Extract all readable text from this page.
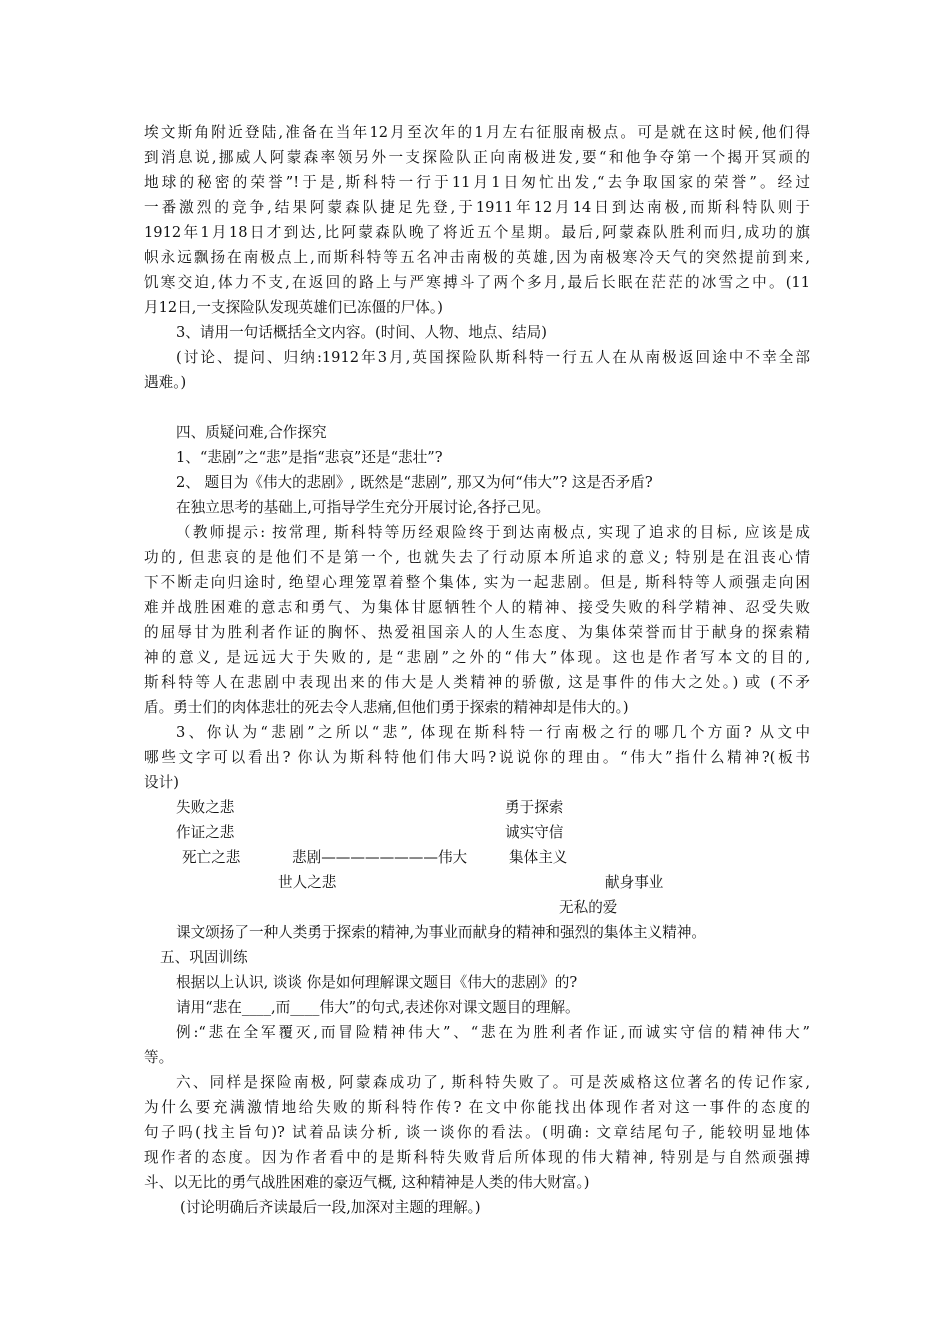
埃文斯角附近登陆,准备在当年12月至次年的1月左右征服南极点。可是就在这时候,他们得
到消息说,挪威人阿蒙森率领另外一支探险队正向南极进发,要“和他争夺第一个揭开冥顽的
地球的秘密的荣誉”!于是,斯科特一行于11月1日匆忙出发,“去争取国家的荣誉”。经过
一番激烈的竞争,结果阿蒙森队捷足先登,于1911年12月14日到达南极,而斯科特队则于
1912年1月18日才到达,比阿蒙森队晚了将近五个星期。最后,阿蒙森队胜利而归,成功的旗
帜永远飘扬在南极点上,而斯科特等五名冲击南极的英雄,因为南极寒冷天气的突然提前到来,
饥寒交迫,体力不支,在返回的路上与严寒搏斗了两个多月,最后长眠在茫茫的冰雪之中。(11
月12日,一支探险队发现英雄们已冻僵的尸体。)
3、请用一句话概括全文内容。(时间、人物、地点、结局)
(讨论、提问、归纳:1912年3月,英国探险队斯科特一行五人在从南极返回途中不幸全部
遇难。)
四、质疑问难,合作探究
1、“悲剧”之“悲”是指“悲哀”还是“悲壮”?
2、 题目为《伟大的悲剧》, 既然是“悲剧”, 那又为何“伟大”? 这是否矛盾?
在独立思考的基础上,可指导学生充分开展讨论,各抒己见。
（教师提示: 按常理, 斯科特等历经艰险终于到达南极点, 实现了追求的目标, 应该是成
功的, 但悲哀的是他们不是第一个, 也就失去了行动原本所追求的意义; 特别是在沮丧心情
下不断走向归途时, 绝望心理笼罩着整个集体, 实为一起悲剧。但是, 斯科特等人顽强走向困
难并战胜困难的意志和勇气、为集体甘愿牺牲个人的精神、接受失败的科学精神、忍受失败
的屈辱甘为胜利者作证的胸怀、热爱祖国亲人的人生态度、为集体荣誉而甘于献身的探索精
神的意义, 是远远大于失败的, 是“悲剧”之外的“伟大”体现。这也是作者写本文的目的,
斯科特等人在悲剧中表现出来的伟大是人类精神的骄傲, 这是事件的伟大之处。) 或 (不矛
盾。勇士们的肉体悲壮的死去令人悲痛,但他们勇于探索的精神却是伟大的。)
3、你认为“悲剧”之所以“悲”, 体现在斯科特一行南极之行的哪几个方面? 从文中
哪些文字可以看出? 你认为斯科特他们伟大吗?说说你的理由。“伟大”指什么精神?(板书
设计)
失败之悲	勇于探索
作证之悲	诚实守信
死亡之悲	悲剧————————伟大	集体主义
世人之悲	献身事业
无私的爱
课文颂扬了一种人类勇于探索的精神,为事业而献身的精神和强烈的集体主义精神。
五、巩固训练
根据以上认识, 谈谈 你是如何理解课文题目《伟大的悲剧》的?
请用“悲在____,而____伟大”的句式,表述你对课文题目的理解。
例:“悲在全军覆灭,而冒险精神伟大”、“悲在为胜利者作证,而诚实守信的精神伟大”
等。
六、同样是探险南极, 阿蒙森成功了, 斯科特失败了。可是茨威格这位著名的传记作家,
为什么要充满激情地给失败的斯科特作传? 在文中你能找出体现作者对这一事件的态度的
句子吗(找主旨句)? 试着品读分析, 谈一谈你的看法。(明确: 文章结尾句子, 能较明显地体
现作者的态度。因为作者看中的是斯科特失败背后所体现的伟大精神, 特别是与自然顽强搏
斗、以无比的勇气战胜困难的豪迈气概, 这种精神是人类的伟大财富。)
(讨论明确后齐读最后一段,加深对主题的理解。)
